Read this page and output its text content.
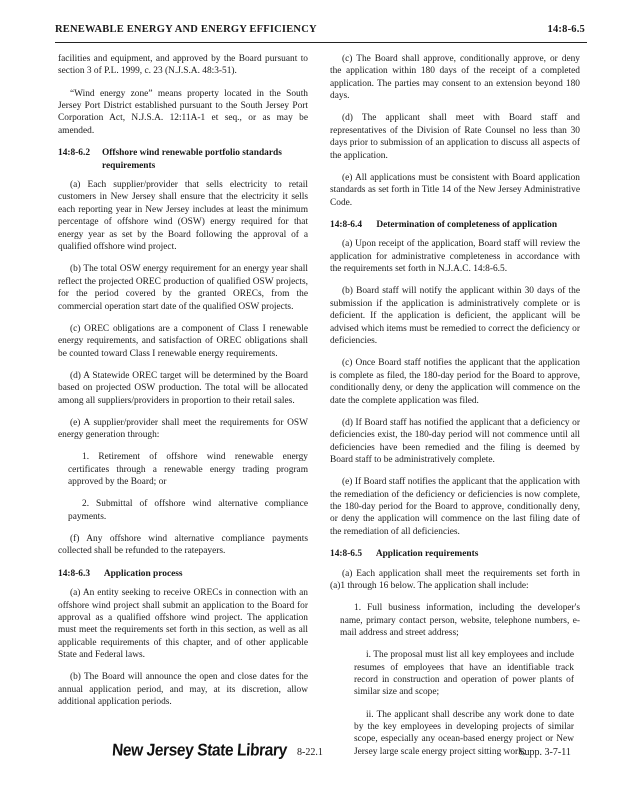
RENEWABLE ENERGY AND ENERGY EFFICIENCY	14:8-6.5

facilities and equipment, and approved by the Board pursuant to section 3 of P.L. 1999, c. 23 (N.J.S.A. 48:3-51).

“Wind energy zone” means property located in the South Jersey Port District established pursuant to the South Jersey Port Corporation Act, N.J.S.A. 12:11A-1 et seq., or as may be amended.

14:8-6.2	Offshore wind renewable portfolio standards requirements

(a) Each supplier/provider that sells electricity to retail customers in New Jersey shall ensure that the electricity it sells each reporting year in New Jersey includes at least the minimum percentage of offshore wind (OSW) energy required for that energy year as set by the Board following the approval of a qualified offshore wind project.

(b) The total OSW energy requirement for an energy year shall reflect the projected OREC production of qualified OSW projects, for the period covered by the granted ORECs, from the commercial operation start date of the qualified OSW projects.

(c) OREC obligations are a component of Class I renewable energy requirements, and satisfaction of OREC obligations shall be counted toward Class I renewable energy requirements.

(d) A Statewide OREC target will be determined by the Board based on projected OSW production. The total will be allocated among all suppliers/providers in proportion to their retail sales.

(e) A supplier/provider shall meet the requirements for OSW energy generation through:

1. Retirement of offshore wind renewable energy certificates through a renewable energy trading program approved by the Board; or

2. Submittal of offshore wind alternative compliance payments.

(f) Any offshore wind alternative compliance payments collected shall be refunded to the ratepayers.

14:8-6.3 Application process

(a) An entity seeking to receive ORECs in connection with an offshore wind project shall submit an application to the Board for approval as a qualified offshore wind project. The application must meet the requirements set forth in this section, as well as all applicable requirements of this chapter, and of other applicable State and Federal laws.

(b) The Board will announce the open and close dates for the annual application period, and may, at its discretion, allow additional application periods.

(c) The Board shall approve, conditionally approve, or deny the application within 180 days of the receipt of a completed application. The parties may consent to an extension beyond 180 days.

(d) The applicant shall meet with Board staff and representatives of the Division of Rate Counsel no less than 30 days prior to submission of an application to discuss all aspects of the application.

(e) All applications must be consistent with Board application standards as set forth in Title 14 of the New Jersey Administrative Code.

14:8-6.4 Determination of completeness of application

(a) Upon receipt of the application, Board staff will review the application for administrative completeness in accordance with the requirements set forth in N.J.A.C. 14:8-6.5.

(b) Board staff will notify the applicant within 30 days of the submission if the application is administratively complete or is deficient. If the application is deficient, the applicant will be advised which items must be remedied to correct the deficiency or deficiencies.

(c) Once Board staff notifies the applicant that the application is complete as filed, the 180-day period for the Board to approve, conditionally deny, or deny the application will commence on the date the complete application was filed.

(d) If Board staff has notified the applicant that a deficiency or deficiencies exist, the 180-day period will not commence until all deficiencies have been remedied and the filing is deemed by Board staff to be administratively complete.

(e) If Board staff notifies the applicant that the application with the remediation of the deficiency or deficiencies is now complete, the 180-day period for the Board to approve, conditionally deny, or deny the application will commence on the last filing date of the remediation of all deficiencies.

14:8-6.5 Application requirements

(a) Each application shall meet the requirements set forth in (a)1 through 16 below. The application shall include:

1. Full business information, including the developer's name, primary contact person, website, telephone numbers, e-mail address and street address;

i. The proposal must list all key employees and include resumes of employees that have an identifiable track record in construction and operation of power plants of similar size and scope;

ii. The applicant shall describe any work done to date by the key employees in developing projects of similar scope, especially any ocean-based energy project or New Jersey large scale energy project sitting work;

New Jersey State Library 8-22.1	Supp. 3-7-11
